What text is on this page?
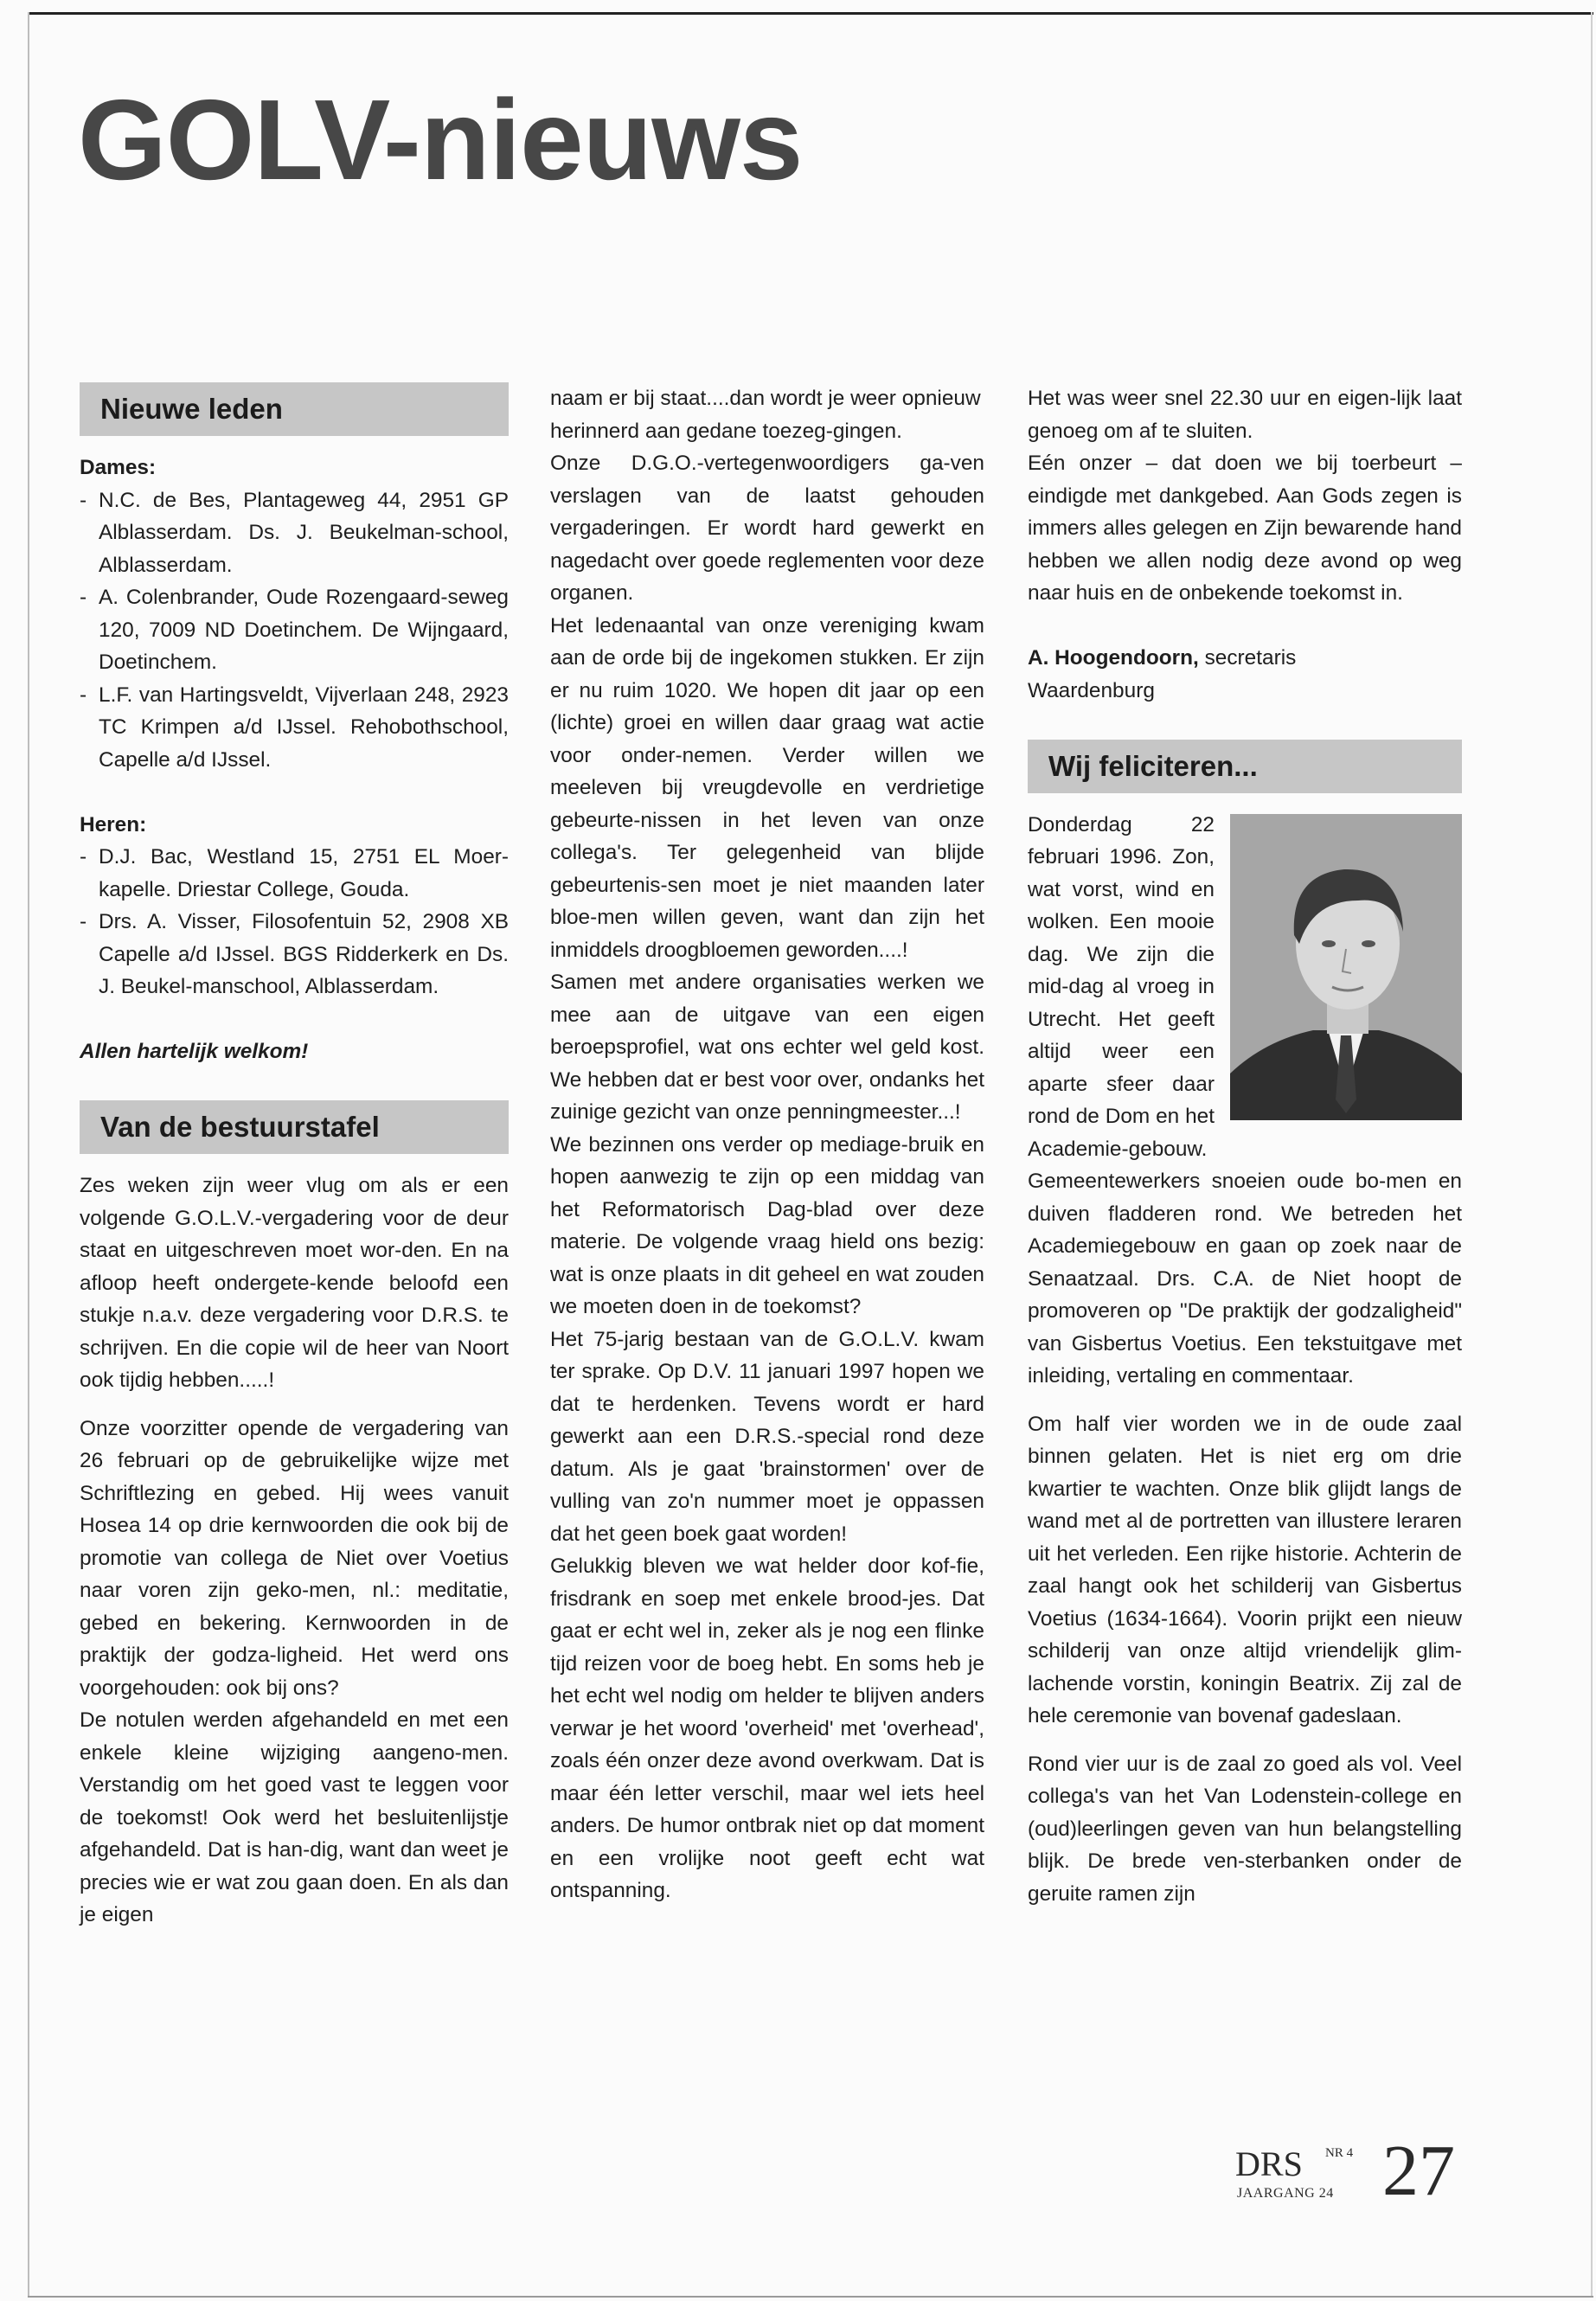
GOLV-nieuws
Nieuwe leden
Dames:
- N.C. de Bes, Plantageweg 44, 2951 GP Alblasserdam. Ds. J. Beukelman-school, Alblasserdam.
- A. Colenbrander, Oude Rozengaard-seweg 120, 7009 ND Doetinchem. De Wijngaard, Doetinchem.
- L.F. van Hartingsveldt, Vijverlaan 248, 2923 TC Krimpen a/d IJssel. Rehobothschool, Capelle a/d IJssel.
Heren:
- D.J. Bac, Westland 15, 2751 EL Moer-kapelle. Driestar College, Gouda.
- Drs. A. Visser, Filosofentuin 52, 2908 XB Capelle a/d IJssel. BGS Ridderkerk en Ds. J. Beukel-manschool, Alblasserdam.
Allen hartelijk welkom!
Van de bestuurstafel

Zes weken zijn weer vlug om als er een volgende G.O.L.V.-vergadering voor de deur staat en uitgeschreven moet wor-den. En na afloop heeft ondergete-kende beloofd een stukje n.a.v. deze vergadering voor D.R.S. te schrijven. En die copie wil de heer van Noort ook tijdig hebben.....!

Onze voorzitter opende de vergadering van 26 februari op de gebruikelijke wijze met Schriftlezing en gebed. Hij wees vanuit Hosea 14 op drie kernwoorden die ook bij de promotie van collega de Niet over Voetius naar voren zijn geko-men, nl.: meditatie, gebed en bekering. Kernwoorden in de praktijk der godza-ligheid. Het werd ons voorgehouden: ook bij ons?

De notulen werden afgehandeld en met een enkele kleine wijziging aangeno-men. Verstandig om het goed vast te leggen voor de toekomst! Ook werd het besluitenlijstje afgehandeld. Dat is han-dig, want dan weet je precies wie er wat zou gaan doen. En als dan je eigen

naam er bij staat....dan wordt je weer opnieuw herinnerd aan gedane toezeg-gingen.

Onze D.G.O.-vertegenwoordigers ga-ven verslagen van de laatst gehouden vergaderingen. Er wordt hard gewerkt en nagedacht over goede reglementen voor deze organen.

Het ledenaantal van onze vereniging kwam aan de orde bij de ingekomen stukken. Er zijn er nu ruim 1020. We hopen dit jaar op een (lichte) groei en willen daar graag wat actie voor onder-nemen. Verder willen we meeleven bij vreugdevolle en verdrietige gebeurte-nissen in het leven van onze collega's. Ter gelegenheid van blijde gebeurtenis-sen moet je niet maanden later bloe-men willen geven, want dan zijn het inmiddels droogbloemen geworden....!

Samen met andere organisaties werken we mee aan de uitgave van een eigen beroepsprofiel, wat ons echter wel geld kost. We hebben dat er best voor over, ondanks het zuinige gezicht van onze penningmeester...!

We bezinnen ons verder op mediage-bruik en hopen aanwezig te zijn op een middag van het Reformatorisch Dag-blad over deze materie. De volgende vraag hield ons bezig: wat is onze plaats in dit geheel en wat zouden we moeten doen in de toekomst?

Het 75-jarig bestaan van de G.O.L.V. kwam ter sprake. Op D.V. 11 januari 1997 hopen we dat te herdenken. Tevens wordt er hard gewerkt aan een D.R.S.-special rond deze datum. Als je gaat 'brainstormen' over de vulling van zo'n nummer moet je oppassen dat het geen boek gaat worden!

Gelukkig bleven we wat helder door kof-fie, frisdrank en soep met enkele brood-jes. Dat gaat er echt wel in, zeker als je nog een flinke tijd reizen voor de boeg hebt. En soms heb je het echt wel nodig om helder te blijven anders verwar je het woord 'overheid' met 'overhead', zoals één onzer deze avond overkwam. Dat is maar één letter verschil, maar wel iets heel anders. De humor ontbrak niet op dat moment en een vrolijke noot geeft echt wat ontspanning.

Het was weer snel 22.30 uur en eigen-lijk laat genoeg om af te sluiten.

Eén onzer – dat doen we bij toerbeurt – eindigde met dankgebed. Aan Gods zegen is immers alles gelegen en Zijn bewarende hand hebben we allen nodig deze avond op weg naar huis en de onbekende toekomst in.

A. Hoogendoorn, secretaris

Waardenburg

Wij feliciteren...

Donderdag 22 februari 1996. Zon, wat vorst, wind en wolken. Een mooie dag. We zijn die mid-dag al vroeg in Utrecht. Het geeft altijd weer een aparte sfeer daar rond de Dom en het Academie-gebouw.

Gemeentewerkers snoeien oude bo-men en duiven fladderen rond. We betreden het Academiegebouw en gaan op zoek naar de Senaatzaal. Drs. C.A. de Niet hoopt de promoveren op "De praktijk der godzaligheid" van Gisbertus Voetius. Een tekstuitgave met inleiding, vertaling en commentaar.

Om half vier worden we in de oude zaal binnen gelaten. Het is niet erg om drie kwartier te wachten. Onze blik glijdt langs de wand met al de portretten van illustere leraren uit het verleden. Een rijke historie. Achterin de zaal hangt ook het schilderij van Gisbertus Voetius (1634-1664). Voorin prijkt een nieuw schilderij van onze altijd vriendelijk glim-lachende vorstin, koningin Beatrix. Zij zal de hele ceremonie van bovenaf gadeslaan.

Rond vier uur is de zaal zo goed als vol. Veel collega's van het Van Lodenstein-college en (oud)leerlingen geven van hun belangstelling blijk. De brede ven-sterbanken onder de geruite ramen zijn

DRS NR 4
JAARGANG 24 27
